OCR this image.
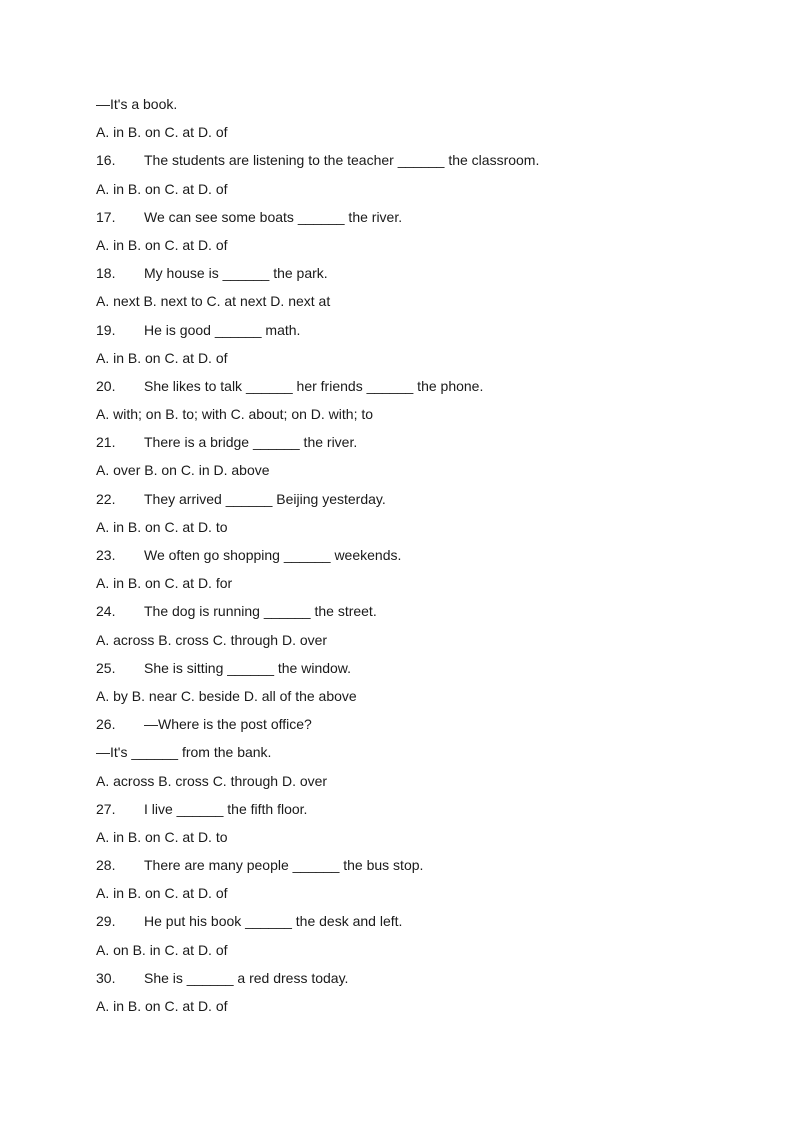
—It's a book.
A. in B. on C. at D. of
16. The students are listening to the teacher ______ the classroom.
A. in B. on C. at D. of
17. We can see some boats ______ the river.
A. in B. on C. at D. of
18. My house is ______ the park.
A. next B. next to C. at next D. next at
19. He is good ______ math.
A. in B. on C. at D. of
20. She likes to talk ______ her friends ______ the phone.
A. with; on B. to; with C. about; on D. with; to
21. There is a bridge ______ the river.
A. over B. on C. in D. above
22. They arrived ______ Beijing yesterday.
A. in B. on C. at D. to
23. We often go shopping ______ weekends.
A. in B. on C. at D. for
24. The dog is running ______ the street.
A. across B. cross C. through D. over
25. She is sitting ______ the window.
A. by B. near C. beside D. all of the above
26. —Where is the post office?
—It's ______ from the bank.
A. across B. cross C. through D. over
27. I live ______ the fifth floor.
A. in B. on C. at D. to
28. There are many people ______ the bus stop.
A. in B. on C. at D. of
29. He put his book ______ the desk and left.
A. on B. in C. at D. of
30. She is ______ a red dress today.
A. in B. on C. at D. of
